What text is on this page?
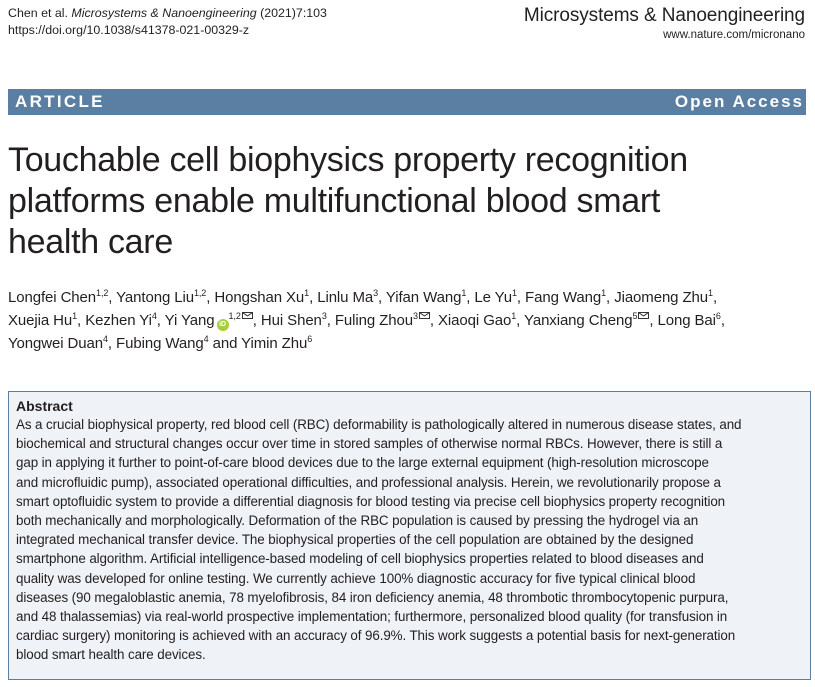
Chen et al. Microsystems & Nanoengineering (2021)7:103
https://doi.org/10.1038/s41378-021-00329-z
Microsystems & Nanoengineering
www.nature.com/micronano
ARTICLE	Open Access
Touchable cell biophysics property recognition
platforms enable multifunctional blood smart
health care
Longfei Chen$^{1,2}$, Yantong Liu$^{1,2}$, Hongshan Xu$^1$, Linlu Ma$^3$, Yifan Wang$^1$, Le Yu$^1$, Fang Wang$^1$, Jiaomeng Zhu$^1$,
Xuejia Hu$^1$, Kezhen Yi$^4$, Yi Yang iD$^{1,2}$ , Hui Shen$^3$, Fuling Zhou$^3$ , Xiaoqi Gao$^1$, Yanxiang Cheng$^5$ , Long Bai$^6$,
Yongwei Duan$^4$, Fubing Wang$^4$ and Yimin Zhu$^6$
Abstract
As a crucial biophysical property, red blood cell (RBC) deformability is pathologically altered in numerous disease states, and
biochemical and structural changes occur over time in stored samples of otherwise normal RBCs. However, there is still a
gap in applying it further to point-of-care blood devices due to the large external equipment (high-resolution microscope
and microfluidic pump), associated operational difficulties, and professional analysis. Herein, we revolutionarily propose a
smart optofluidic system to provide a differential diagnosis for blood testing via precise cell biophysics property recognition
both mechanically and morphologically. Deformation of the RBC population is caused by pressing the hydrogel via an
integrated mechanical transfer device. The biophysical properties of the cell population are obtained by the designed
smartphone algorithm. Artificial intelligence-based modeling of cell biophysics properties related to blood diseases and
quality was developed for online testing. We currently achieve 100% diagnostic accuracy for five typical clinical blood
diseases (90 megaloblastic anemia, 78 myelofibrosis, 84 iron deficiency anemia, 48 thrombotic thrombocytopenic purpura,
and 48 thalassemias) via real-world prospective implementation; furthermore, personalized blood quality (for transfusion in
cardiac surgery) monitoring is achieved with an accuracy of 96.9%. This work suggests a potential basis for next-generation
blood smart health care devices.
